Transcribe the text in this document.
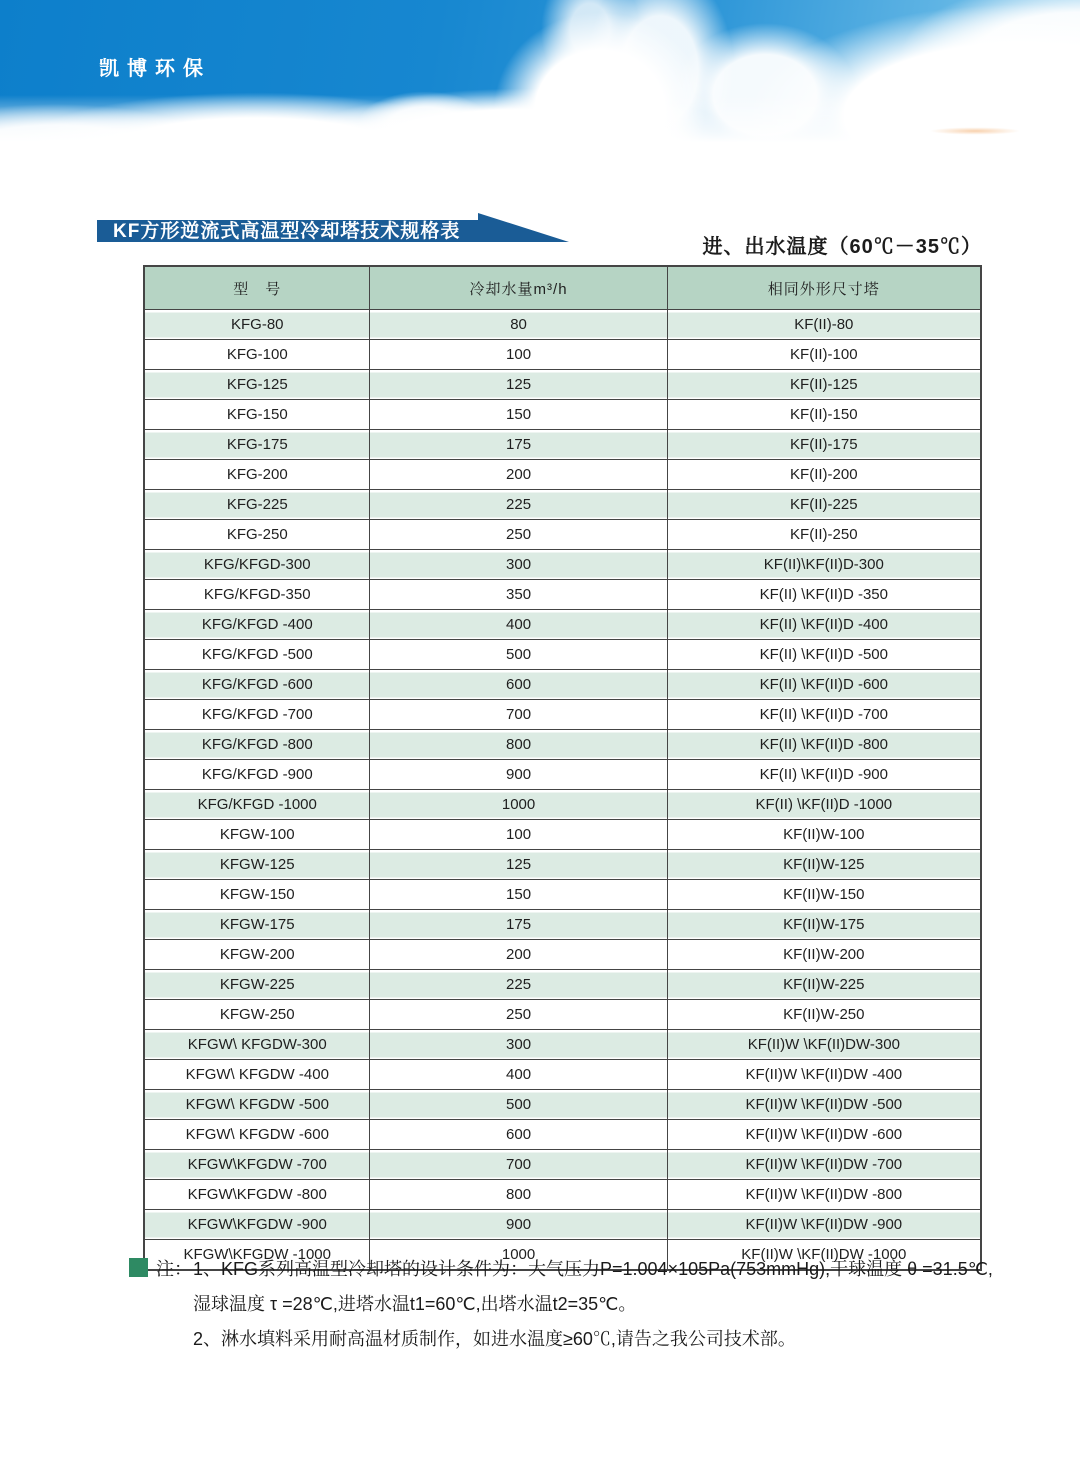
凯博环保
KF方形逆流式高温型冷却塔技术规格表
进、出水温度（60℃－35℃）
型　号	冷却水量m³/h	相同外形尺寸塔
KFG-80	80	KF(II)-80
KFG-100	100	KF(II)-100
KFG-125	125	KF(II)-125
KFG-150	150	KF(II)-150
KFG-175	175	KF(II)-175
KFG-200	200	KF(II)-200
KFG-225	225	KF(II)-225
KFG-250	250	KF(II)-250
KFG/KFGD-300	300	KF(II)\KF(II)D-300
KFG/KFGD-350	350	KF(II) \KF(II)D -350
KFG/KFGD -400	400	KF(II) \KF(II)D -400
KFG/KFGD -500	500	KF(II) \KF(II)D -500
KFG/KFGD -600	600	KF(II) \KF(II)D -600
KFG/KFGD -700	700	KF(II) \KF(II)D -700
KFG/KFGD -800	800	KF(II) \KF(II)D -800
KFG/KFGD -900	900	KF(II) \KF(II)D -900
KFG/KFGD -1000	1000	KF(II) \KF(II)D -1000
KFGW-100	100	KF(II)W-100
KFGW-125	125	KF(II)W-125
KFGW-150	150	KF(II)W-150
KFGW-175	175	KF(II)W-175
KFGW-200	200	KF(II)W-200
KFGW-225	225	KF(II)W-225
KFGW-250	250	KF(II)W-250
KFGW\ KFGDW-300	300	KF(II)W \KF(II)DW-300
KFGW\ KFGDW -400	400	KF(II)W \KF(II)DW -400
KFGW\ KFGDW -500	500	KF(II)W \KF(II)DW -500
KFGW\ KFGDW -600	600	KF(II)W \KF(II)DW -600
KFGW\KFGDW -700	700	KF(II)W \KF(II)DW -700
KFGW\KFGDW -800	800	KF(II)W \KF(II)DW -800
KFGW\KFGDW -900	900	KF(II)W \KF(II)DW -900
KFGW\KFGDW -1000	1000	KF(II)W \KF(II)DW -1000
注： 1、KFG系列高温型冷却塔的设计条件为：大气压力P=1.004×105Pa(753mmHg),干球温度 θ =31.5℃,
湿球温度 τ =28℃,进塔水温t1=60℃,出塔水温t2=35℃。
2、淋水填料采用耐高温材质制作，如进水温度≥60℃,请告之我公司技术部。
